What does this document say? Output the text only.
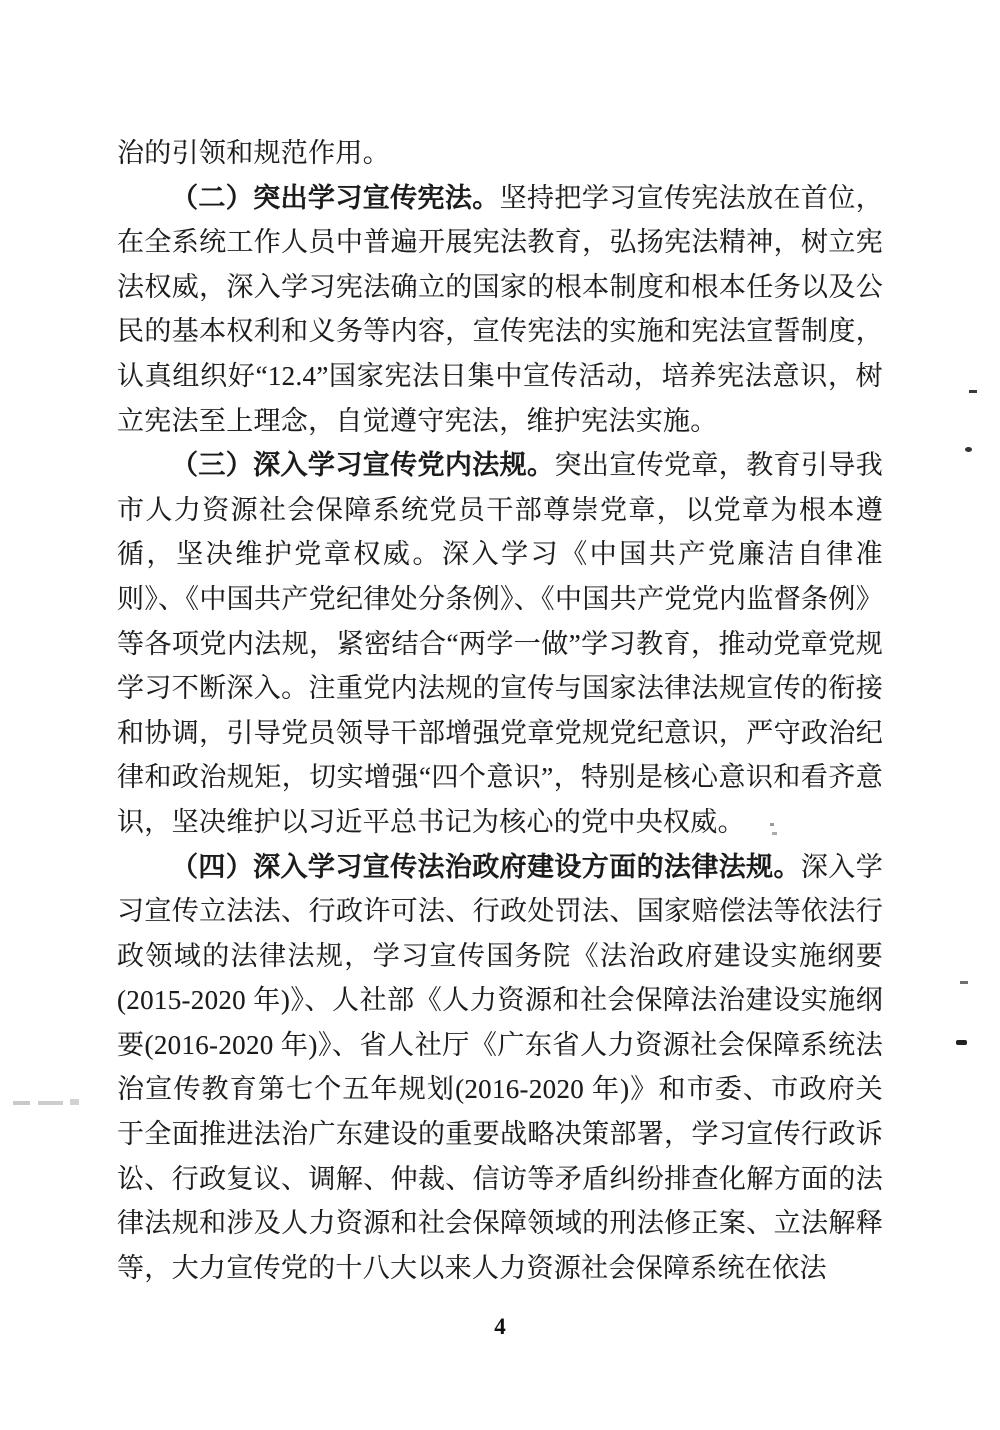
治的引领和规范作用。

（二）突出学习宣传宪法。坚持把学习宣传宪法放在首位，在全系统工作人员中普遍开展宪法教育，弘扬宪法精神，树立宪法权威，深入学习宪法确立的国家的根本制度和根本任务以及公民的基本权利和义务等内容，宣传宪法的实施和宪法宣誓制度，认真组织好“12.4”国家宪法日集中宣传活动，培养宪法意识，树立宪法至上理念，自觉遵守宪法，维护宪法实施。

（三）深入学习宣传党内法规。突出宣传党章，教育引导我市人力资源社会保障系统党员干部尊崇党章，以党章为根本遵循，坚决维护党章权威。深入学习《中国共产党廉洁自律准则》、《中国共产党纪律处分条例》、《中国共产党党内监督条例》等各项党内法规，紧密结合“两学一做”学习教育，推动党章党规学习不断深入。注重党内法规的宣传与国家法律法规宣传的衔接和协调，引导党员领导干部增强党章党规党纪意识，严守政治纪律和政治规矩，切实增强“四个意识”，特别是核心意识和看齐意识，坚决维护以习近平总书记为核心的党中央权威。

（四）深入学习宣传法治政府建设方面的法律法规。深入学习宣传立法法、行政许可法、行政处罚法、国家赔偿法等依法行政领域的法律法规，学习宣传国务院《法治政府建设实施纲要(2015-2020 年)》、人社部《人力资源和社会保障法治建设实施纲要(2016-2020 年)》、省人社厅《广东省人力资源社会保障系统法治宣传教育第七个五年规划(2016-2020 年)》和市委、市政府关于全面推进法治广东建设的重要战略决策部署，学习宣传行政诉讼、行政复议、调解、仲裁、信访等矛盾纠纷排查化解方面的法律法规和涉及人力资源和社会保障领域的刑法修正案、立法解释等，大力宣传党的十八大以来人力资源社会保障系统在依法

4
